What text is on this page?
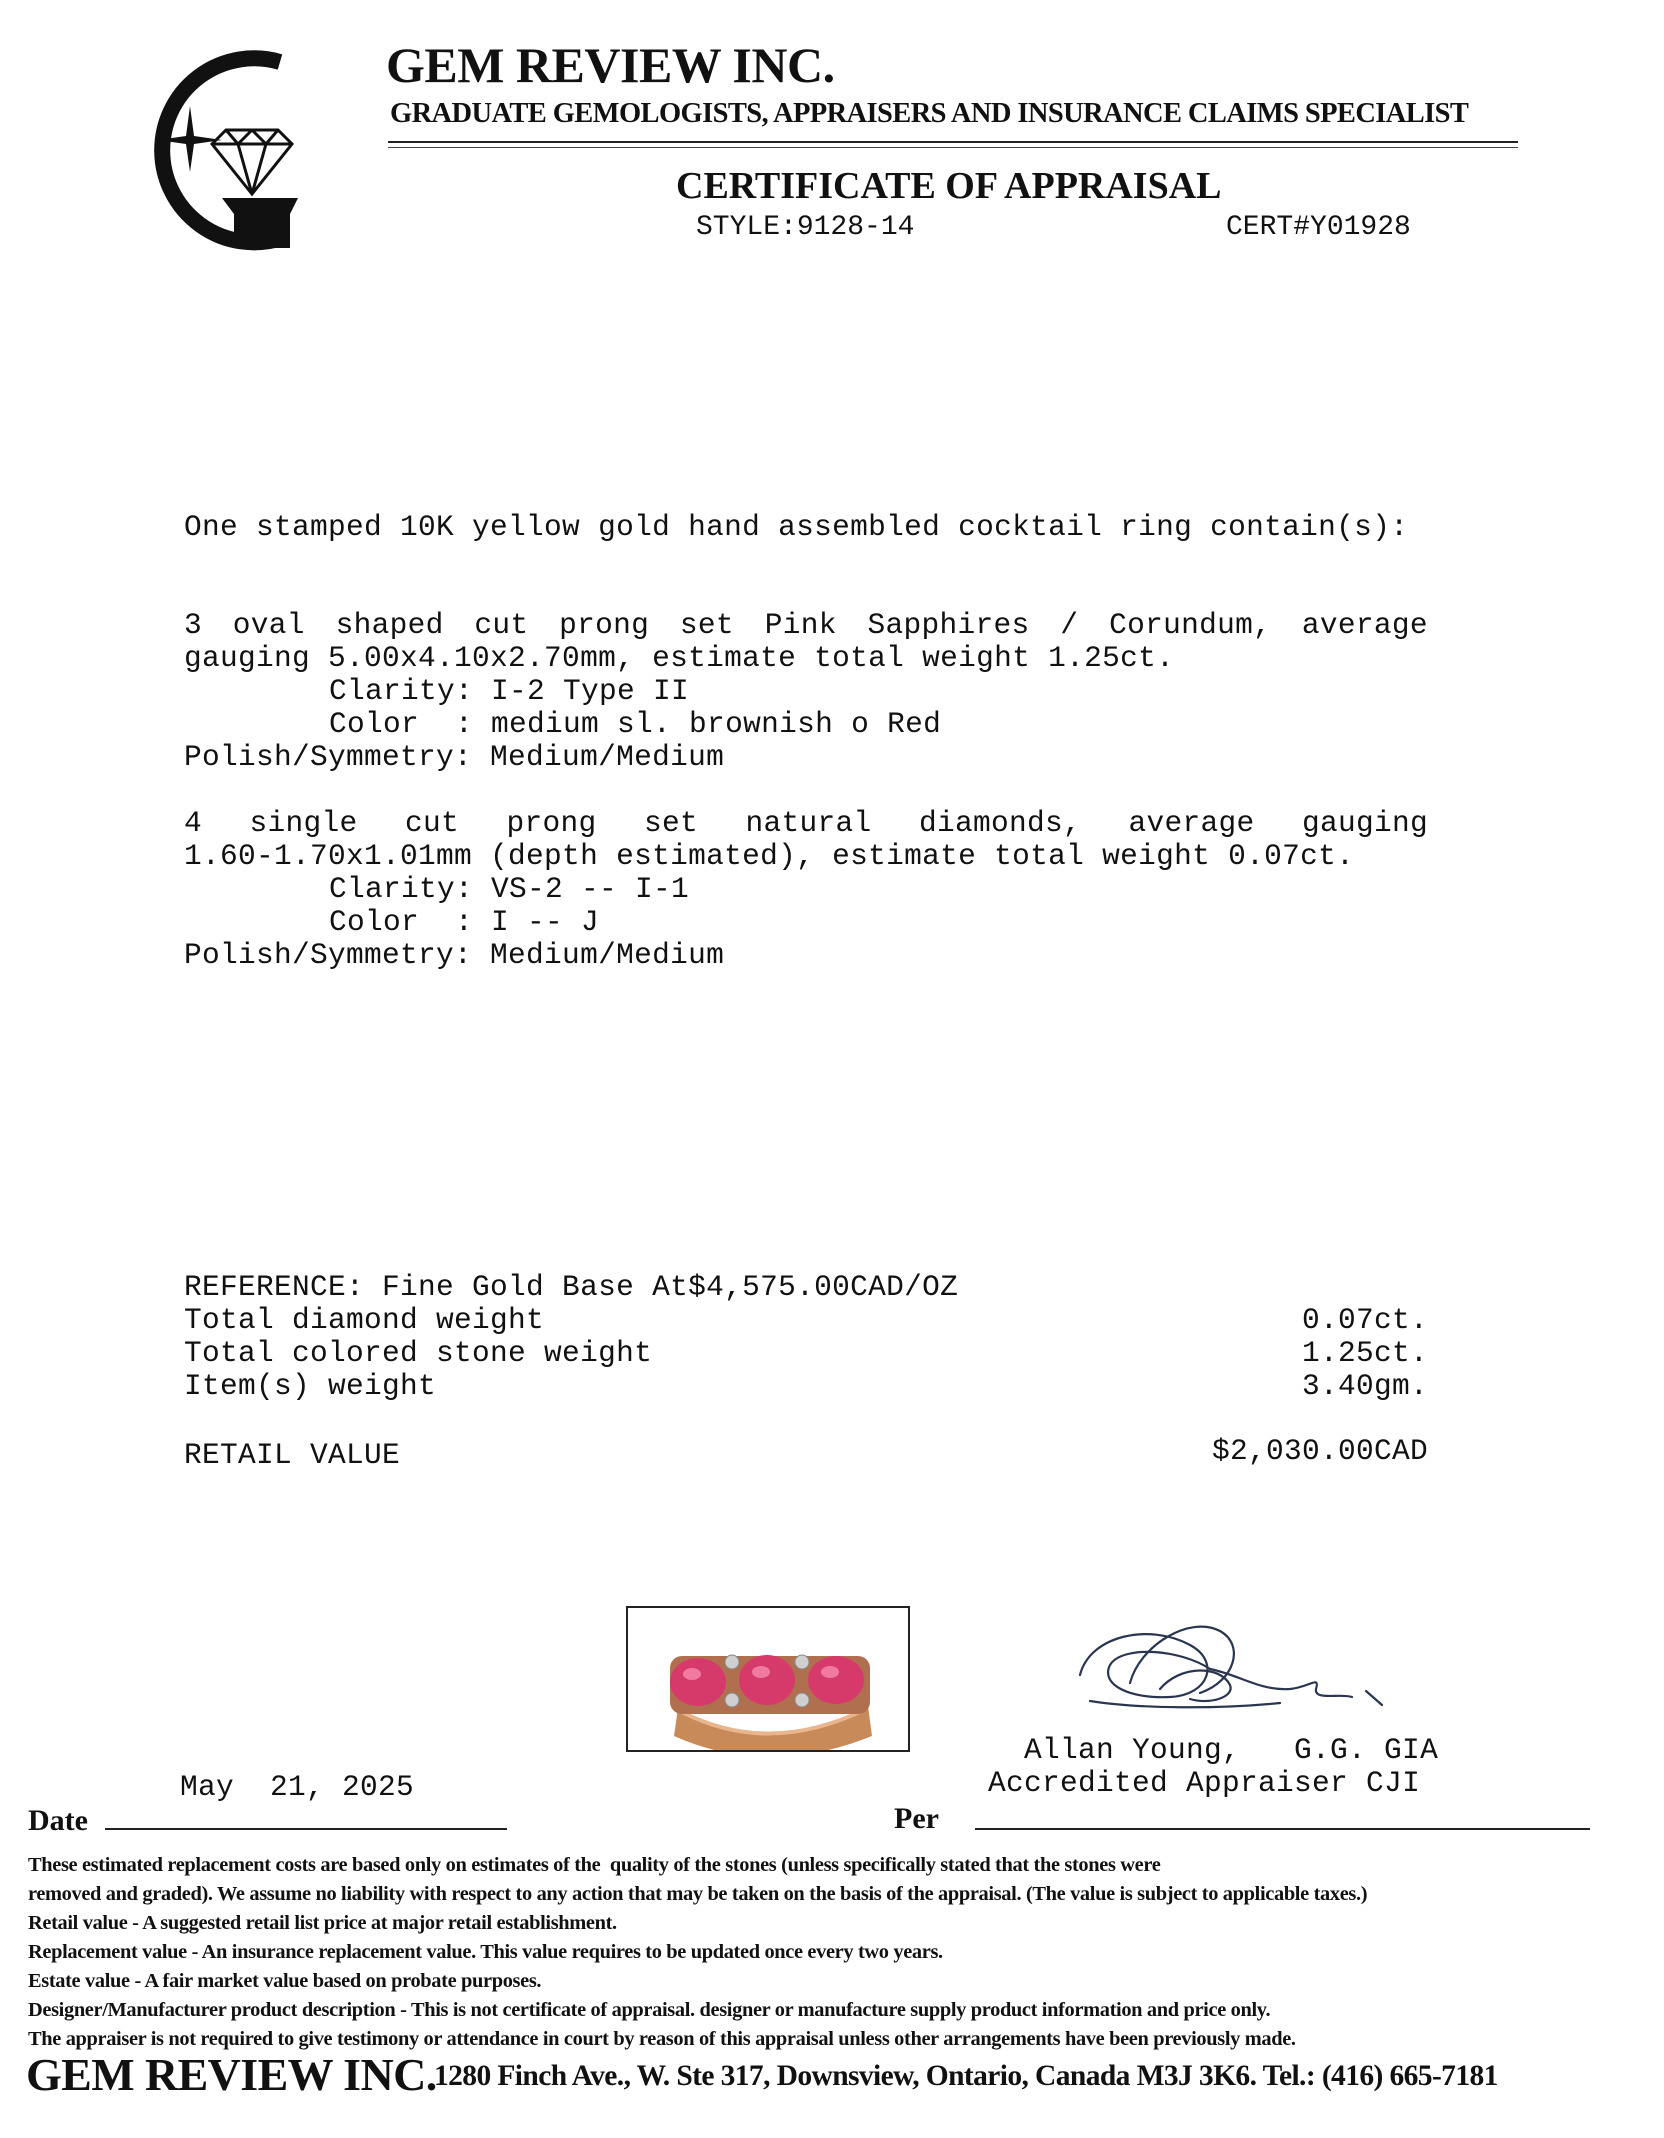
GEM REVIEW INC.
GRADUATE GEMOLOGISTS, APPRAISERS AND INSURANCE CLAIMS SPECIALIST
CERTIFICATE OF APPRAISAL
STYLE:9128-14	CERT#Y01928
One stamped 10K yellow gold hand assembled cocktail ring contain(s):
3 oval shaped cut prong set Pink Sapphires / Corundum, average
gauging 5.00x4.10x2.70mm, estimate total weight 1.25ct.
Clarity: I-2 Type II
Color  : medium sl. brownish o Red
Polish/Symmetry: Medium/Medium
4 single cut prong set natural diamonds, average gauging
1.60-1.70x1.01mm (depth estimated), estimate total weight 0.07ct.
Clarity: VS-2 -- I-1
Color  : I -- J
Polish/Symmetry: Medium/Medium
REFERENCE: Fine Gold Base At$4,575.00CAD/OZ
Total diamond weight	0.07ct.
Total colored stone weight	1.25ct.
Item(s) weight	3.40gm.
RETAIL VALUE	$2,030.00CAD
Allan Young,   G.G. GIA
Accredited Appraiser CJI
May  21, 2025
Date	Per
These estimated replacement costs are based only on estimates of the  quality of the stones (unless specifically stated that the stones were
removed and graded). We assume no liability with respect to any action that may be taken on the basis of the appraisal. (The value is subject to applicable taxes.)
Retail value - A suggested retail list price at major retail establishment.
Replacement value - An insurance replacement value. This value requires to be updated once every two years.
Estate value - A fair market value based on probate purposes.
Designer/Manufacturer product description - This is not certificate of appraisal. designer or manufacture supply product information and price only.
The appraiser is not required to give testimony or attendance in court by reason of this appraisal unless other arrangements have been previously made.
GEM REVIEW INC.
1280 Finch Ave., W. Ste 317, Downsview, Ontario, Canada M3J 3K6. Tel.: (416) 665-7181
